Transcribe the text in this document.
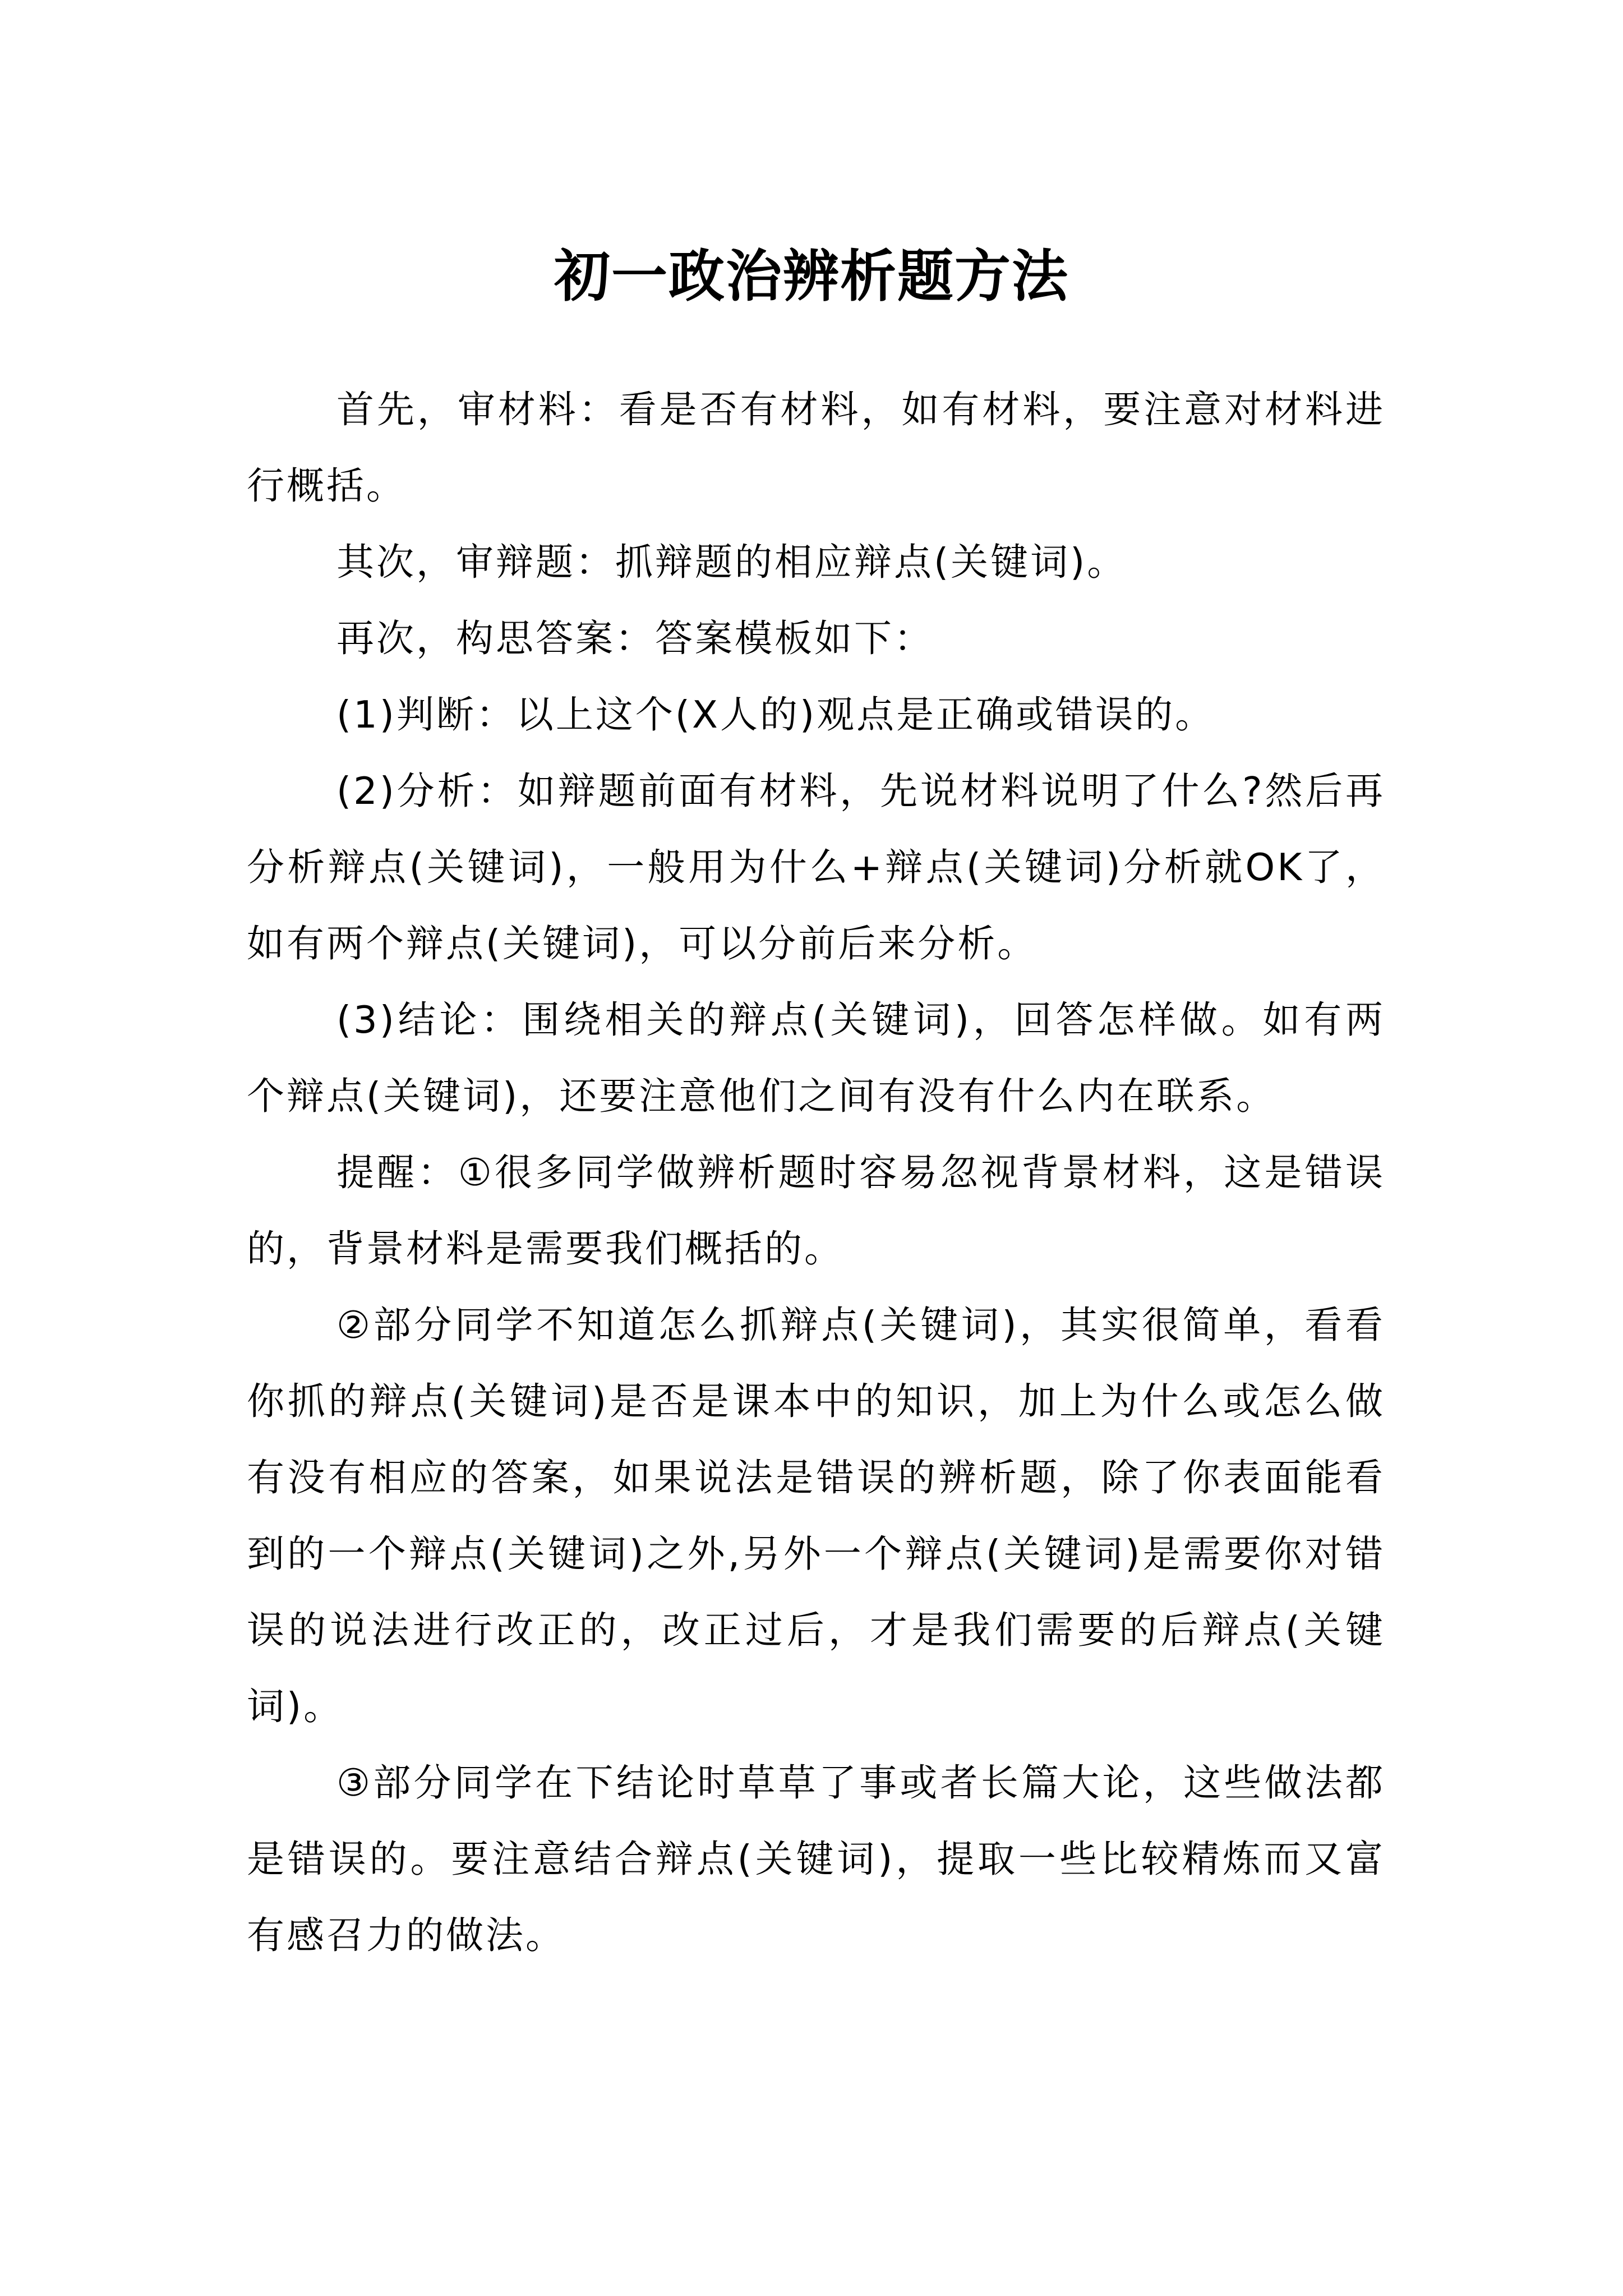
初一政治辨析题方法

首先，审材料：看是否有材料，如有材料，要注意对材料进行概括。

其次，审辩题：抓辩题的相应辩点(关键词)。

再次，构思答案：答案模板如下：

(1)判断：以上这个(X人的)观点是正确或错误的。

(2)分析：如辩题前面有材料，先说材料说明了什么?然后再分析辩点(关键词)，一般用为什么+辩点(关键词)分析就OK了，如有两个辩点(关键词)，可以分前后来分析。

(3)结论：围绕相关的辩点(关键词)，回答怎样做。如有两个辩点(关键词)，还要注意他们之间有没有什么内在联系。

提醒：①很多同学做辨析题时容易忽视背景材料，这是错误的，背景材料是需要我们概括的。

②部分同学不知道怎么抓辩点(关键词)，其实很简单，看看你抓的辩点(关键词)是否是课本中的知识，加上为什么或怎么做有没有相应的答案，如果说法是错误的辨析题，除了你表面能看到的一个辩点(关键词)之外,另外一个辩点(关键词)是需要你对错误的说法进行改正的，改正过后，才是我们需要的后辩点(关键词)。

③部分同学在下结论时草草了事或者长篇大论，这些做法都是错误的。要注意结合辩点(关键词)，提取一些比较精炼而又富有感召力的做法。
